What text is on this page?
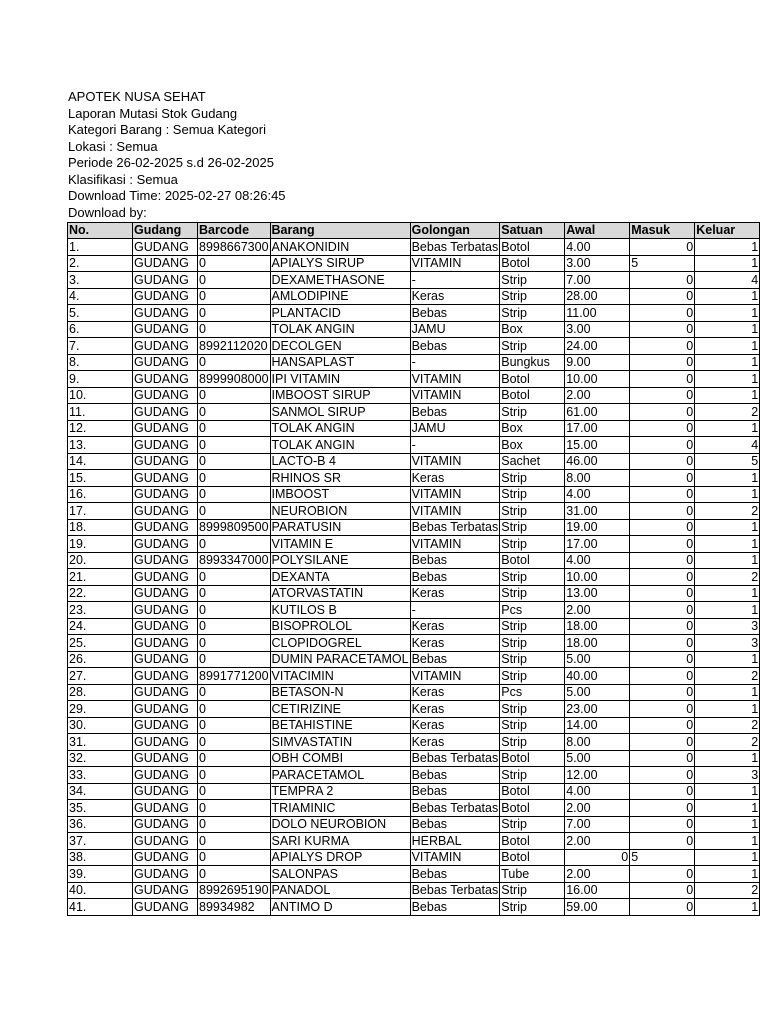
APOTEK NUSA SEHAT
Laporan Mutasi Stok Gudang
Kategori Barang : Semua Kategori
Lokasi : Semua
Periode 26-02-2025 s.d 26-02-2025
Klasifikasi : Semua
Download Time: 2025-02-27 08:26:45
Download by:
No.	Gudang	Barcode	Barang	Golongan	Satuan	Awal	Masuk	Keluar
1.	GUDANG	8998667300	ANAKONIDIN	Bebas Terbatas	Botol	4.00	0	1
2.	GUDANG	0	APIALYS SIRUP	VITAMIN	Botol	3.00	5	1
3.	GUDANG	0	DEXAMETHASONE	-	Strip	7.00	0	4
4.	GUDANG	0	AMLODIPINE	Keras	Strip	28.00	0	1
5.	GUDANG	0	PLANTACID	Bebas	Strip	11.00	0	1
6.	GUDANG	0	TOLAK ANGIN	JAMU	Box	3.00	0	1
7.	GUDANG	8992112020	DECOLGEN	Bebas	Strip	24.00	0	1
8.	GUDANG	0	HANSAPLAST	-	Bungkus	9.00	0	1
9.	GUDANG	8999908000	IPI VITAMIN	VITAMIN	Botol	10.00	0	1
10.	GUDANG	0	IMBOOST SIRUP	VITAMIN	Botol	2.00	0	1
11.	GUDANG	0	SANMOL SIRUP	Bebas	Strip	61.00	0	2
12.	GUDANG	0	TOLAK ANGIN	JAMU	Box	17.00	0	1
13.	GUDANG	0	TOLAK ANGIN	-	Box	15.00	0	4
14.	GUDANG	0	LACTO-B 4	VITAMIN	Sachet	46.00	0	5
15.	GUDANG	0	RHINOS SR	Keras	Strip	8.00	0	1
16.	GUDANG	0	IMBOOST	VITAMIN	Strip	4.00	0	1
17.	GUDANG	0	NEUROBION	VITAMIN	Strip	31.00	0	2
18.	GUDANG	8999809500	PARATUSIN	Bebas Terbatas	Strip	19.00	0	1
19.	GUDANG	0	VITAMIN E	VITAMIN	Strip	17.00	0	1
20.	GUDANG	8993347000	POLYSILANE	Bebas	Botol	4.00	0	1
21.	GUDANG	0	DEXANTA	Bebas	Strip	10.00	0	2
22.	GUDANG	0	ATORVASTATIN	Keras	Strip	13.00	0	1
23.	GUDANG	0	KUTILOS B	-	Pcs	2.00	0	1
24.	GUDANG	0	BISOPROLOL	Keras	Strip	18.00	0	3
25.	GUDANG	0	CLOPIDOGREL	Keras	Strip	18.00	0	3
26.	GUDANG	0	DUMIN PARACETAMOL	Bebas	Strip	5.00	0	1
27.	GUDANG	8991771200	VITACIMIN	VITAMIN	Strip	40.00	0	2
28.	GUDANG	0	BETASON-N	Keras	Pcs	5.00	0	1
29.	GUDANG	0	CETIRIZINE	Keras	Strip	23.00	0	1
30.	GUDANG	0	BETAHISTINE	Keras	Strip	14.00	0	2
31.	GUDANG	0	SIMVASTATIN	Keras	Strip	8.00	0	2
32.	GUDANG	0	OBH COMBI	Bebas Terbatas	Botol	5.00	0	1
33.	GUDANG	0	PARACETAMOL	Bebas	Strip	12.00	0	3
34.	GUDANG	0	TEMPRA 2	Bebas	Botol	4.00	0	1
35.	GUDANG	0	TRIAMINIC	Bebas Terbatas	Botol	2.00	0	1
36.	GUDANG	0	DOLO NEUROBION	Bebas	Strip	7.00	0	1
37.	GUDANG	0	SARI KURMA	HERBAL	Botol	2.00	0	1
38.	GUDANG	0	APIALYS DROP	VITAMIN	Botol	0	5	1
39.	GUDANG	0	SALONPAS	Bebas	Tube	2.00	0	1
40.	GUDANG	8992695190	PANADOL	Bebas Terbatas	Strip	16.00	0	2
41.	GUDANG	89934982	ANTIMO D	Bebas	Strip	59.00	0	1
